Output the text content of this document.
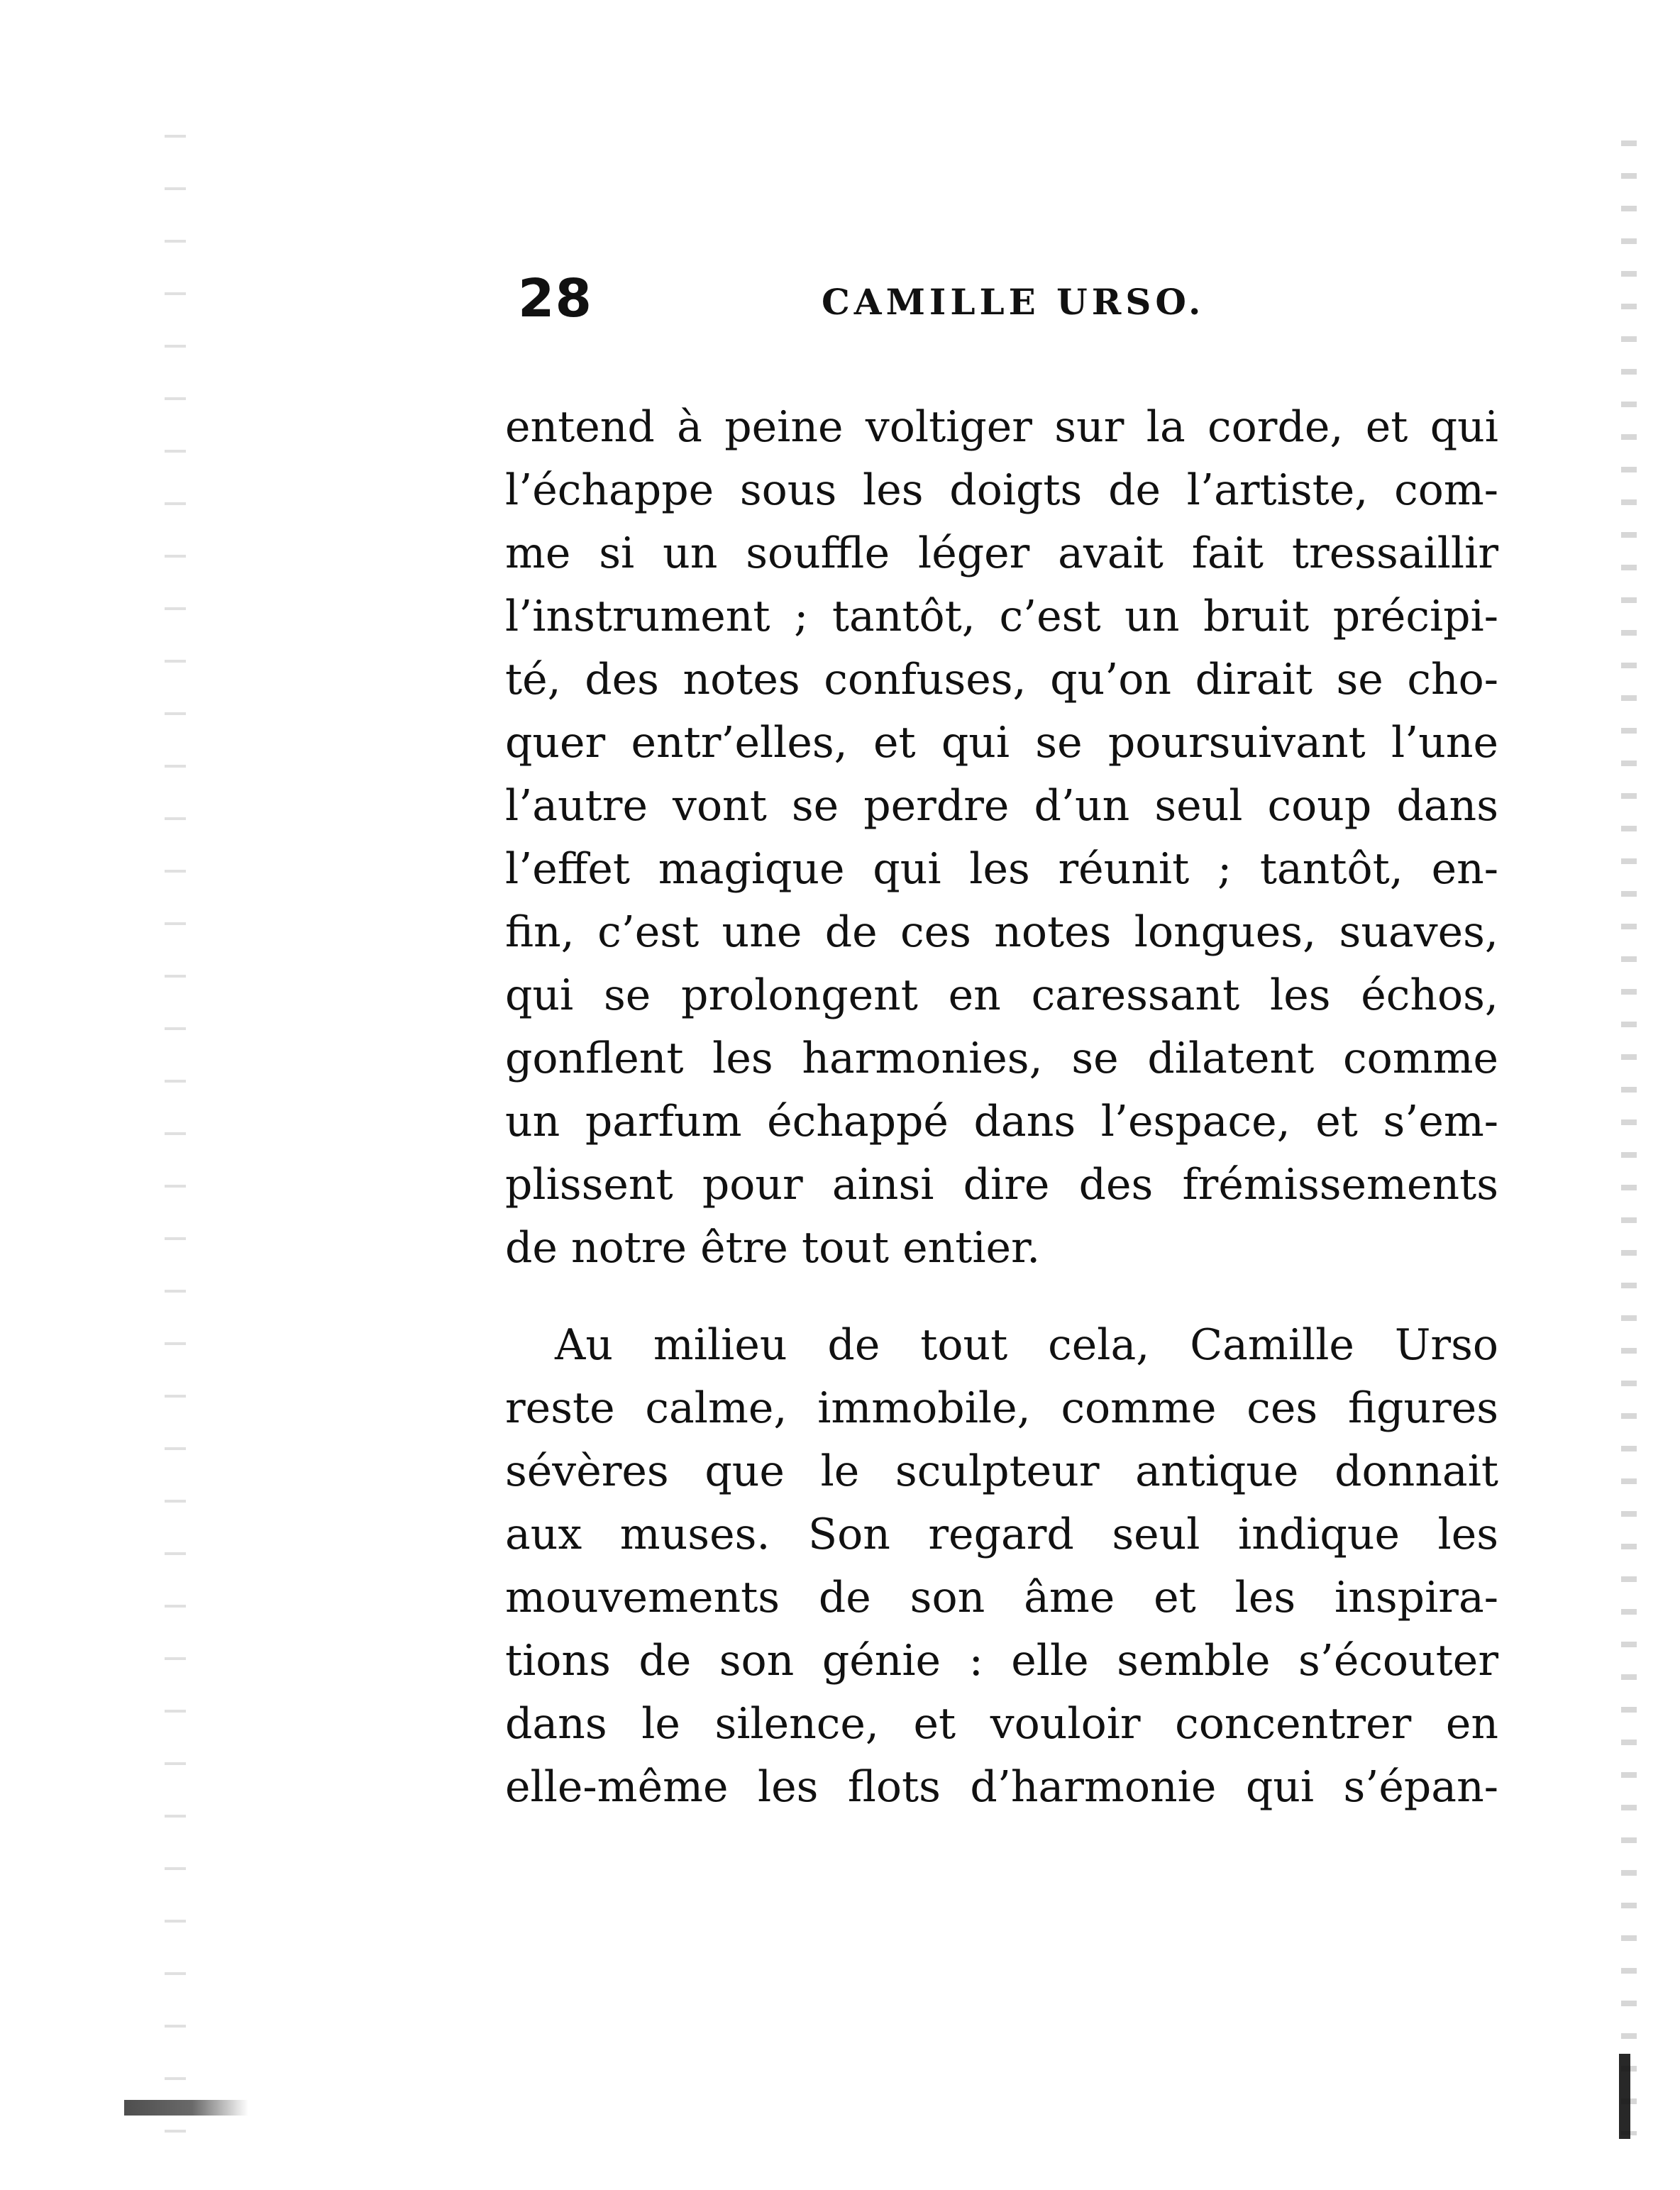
28	CAMILLE URSO.
entend à peine voltiger sur la corde, et qui
l’échappe sous les doigts de l’artiste, com-
me si un souffle léger avait fait tressaillir
l’instrument ; tantôt, c’est un bruit précipi-
té, des notes confuses, qu’on dirait se cho-
quer entr’elles, et qui se poursuivant l’une
l’autre vont se perdre d’un seul coup dans
l’effet magique qui les réunit ; tantôt, en-
fin, c’est une de ces notes longues, suaves,
qui se prolongent en caressant les échos,
gonflent les harmonies, se dilatent comme
un parfum échappé dans l’espace, et s’em-
plissent pour ainsi dire des frémissements
de notre être tout entier.
Au milieu de tout cela, Camille Urso
reste calme, immobile, comme ces figures
sévères que le sculpteur antique donnait
aux muses. Son regard seul indique les
mouvements de son âme et les inspira-
tions de son génie : elle semble s’écouter
dans le silence, et vouloir concentrer en
elle-même les flots d’harmonie qui s’épan-
